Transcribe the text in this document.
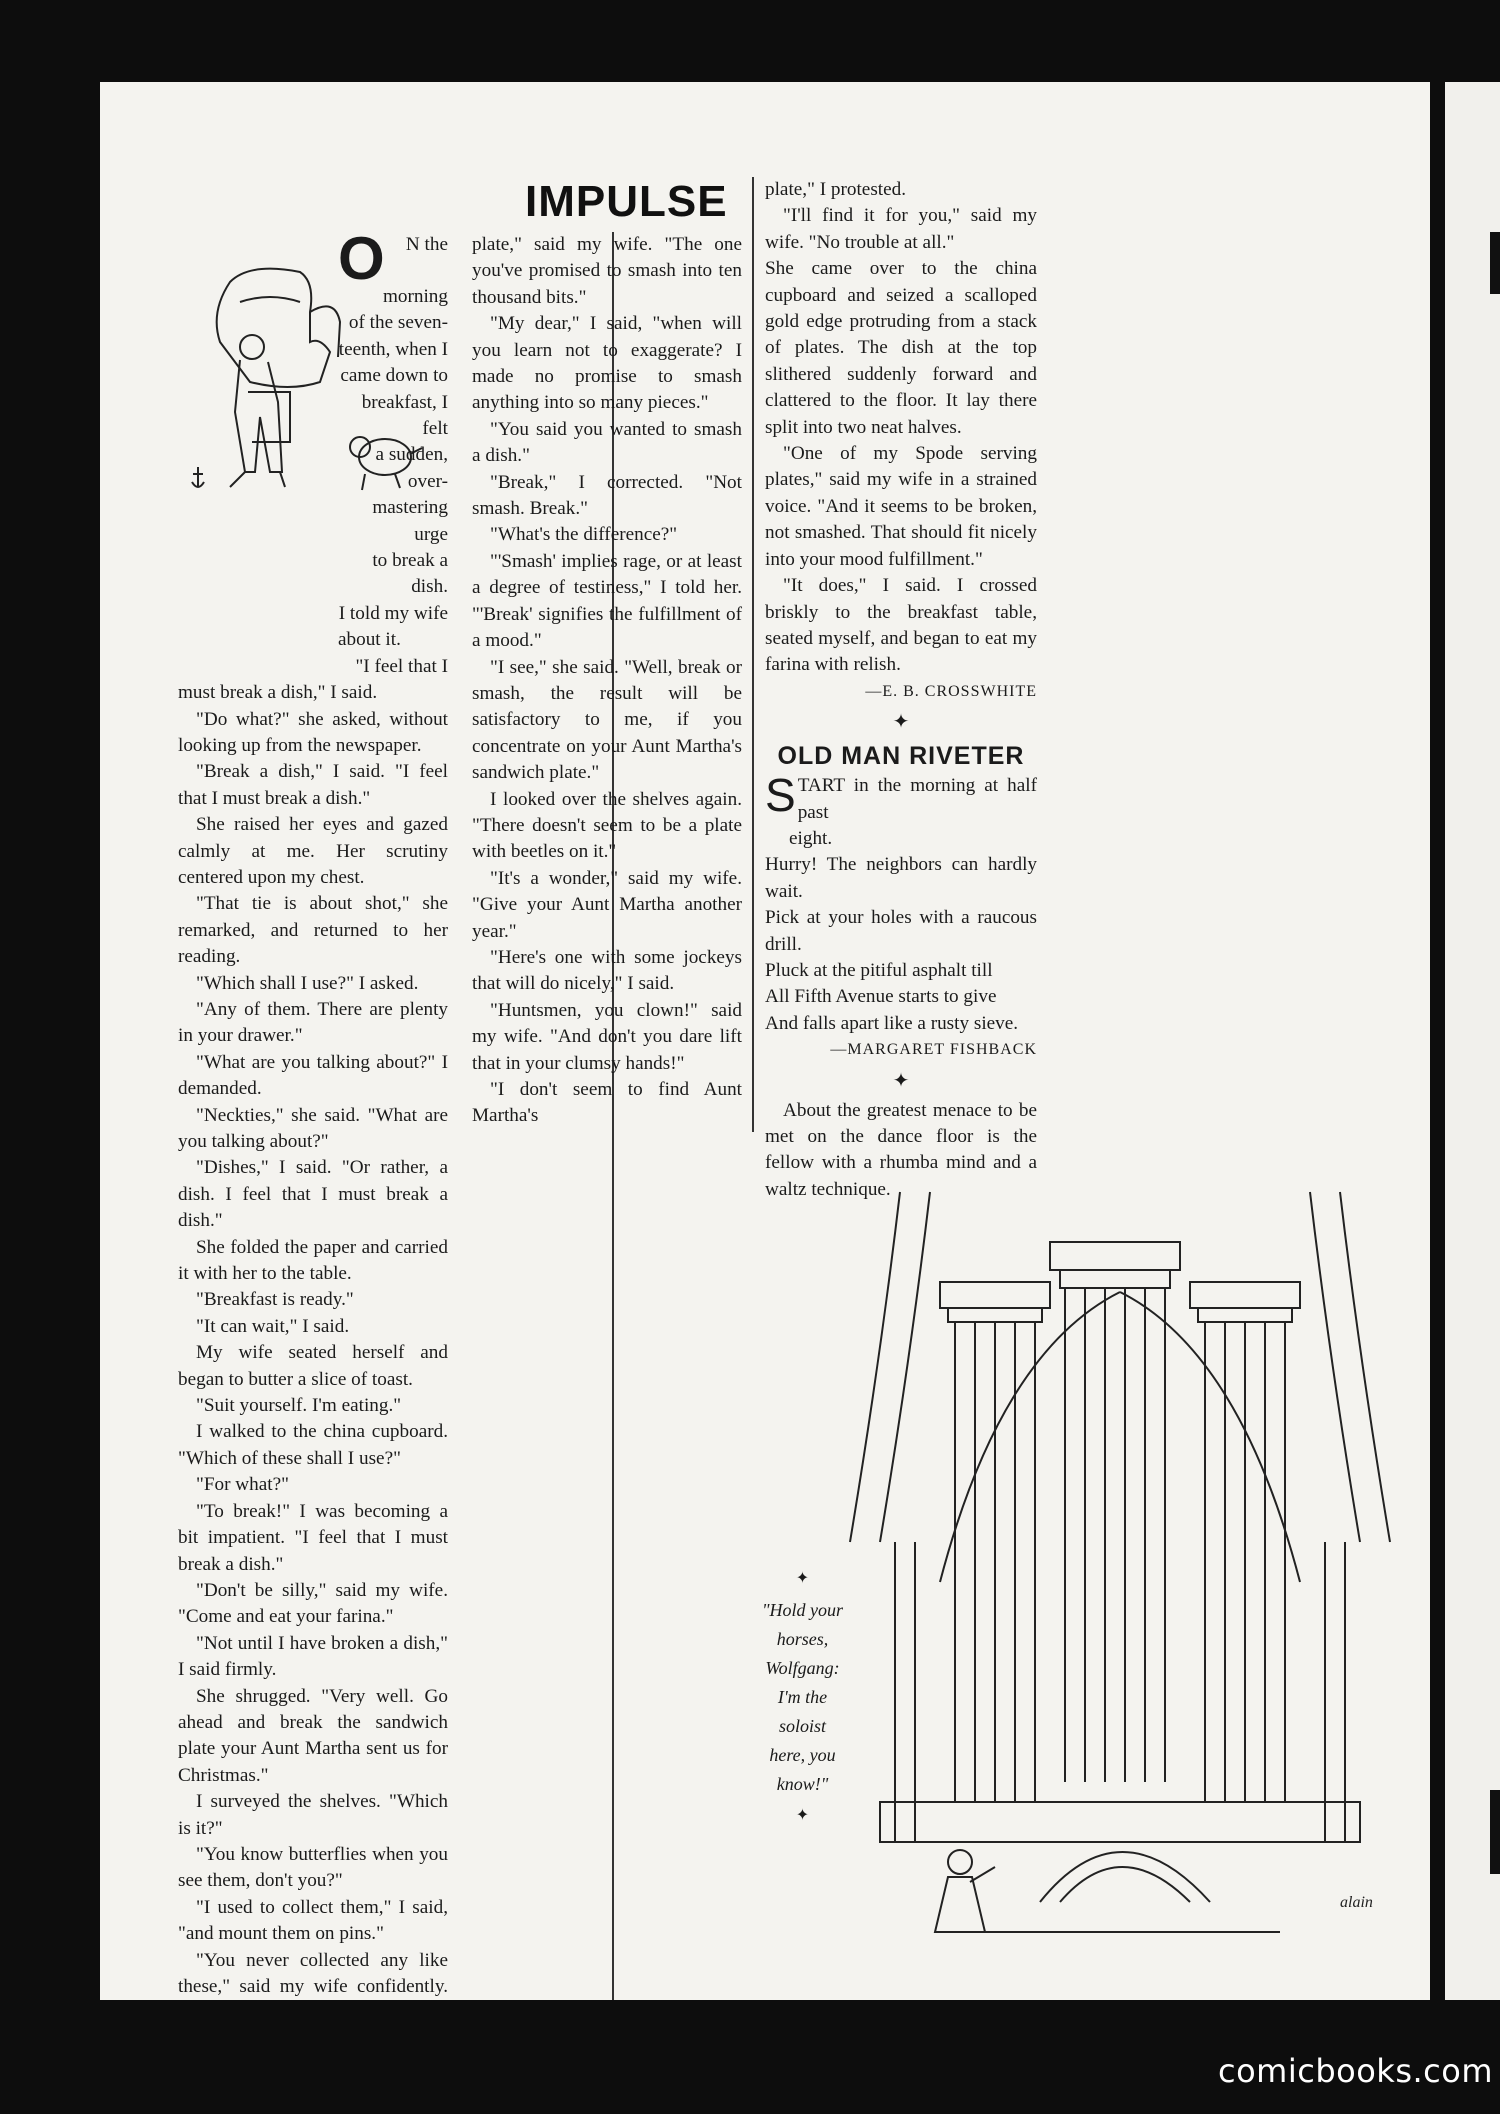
IMPULSE
O	N the
morning
of the seven-
teenth, when I
came down to
breakfast, I felt
a sudden, over-
mastering urge
to break a dish.
I told my wife
about it.
"I feel that I

must break a dish," I said.

"Do what?" she asked, without looking up from the newspaper.

"Break a dish," I said. "I feel that I must break a dish."

She raised her eyes and gazed calmly at me. Her scrutiny centered upon my chest.

"That tie is about shot," she remarked, and returned to her reading.

"Which shall I use?" I asked.

"Any of them. There are plenty in your drawer."

"What are you talking about?" I demanded.

"Neckties," she said. "What are you talking about?"

"Dishes," I said. "Or rather, a dish. I feel that I must break a dish."

She folded the paper and carried it with her to the table.

"Breakfast is ready."

"It can wait," I said.

My wife seated herself and began to butter a slice of toast.

"Suit yourself. I'm eating."

I walked to the china cupboard. "Which of these shall I use?"

"For what?"

"To break!" I was becoming a bit impatient. "I feel that I must break a dish."

"Don't be silly," said my wife. "Come and eat your farina."

"Not until I have broken a dish," I said firmly.

She shrugged. "Very well. Go ahead and break the sandwich plate your Aunt Martha sent us for Christmas."

I surveyed the shelves. "Which is it?"

"You know butterflies when you see them, don't you?"

"I used to collect them," I said, "and mount them on pins."

"You never collected any like these," said my wife confidently.

plate," said my wife. "The one you've promised to smash into ten thousand bits."

"My dear," I said, "when will you learn not to exaggerate? I made no promise to smash anything into so many pieces."

"You said you wanted to smash a dish."

"Break," I corrected. "Not smash. Break."

"What's the difference?"

"'Smash' implies rage, or at least a degree of testiness," I told her. "'Break' signifies the fulfillment of a mood."

"I see," she said. "Well, break or smash, the result will be satisfactory to me, if you concentrate on your Aunt Martha's sandwich plate."

I looked over the shelves again. "There doesn't seem to be a plate with beetles on it."

"It's a wonder," said my wife. "Give your Aunt Martha another year."

"Here's one with some jockeys that will do nicely," I said.

"Huntsmen, you clown!" said my wife. "And don't you dare lift that in your clumsy hands!"

"I don't seem to find Aunt Martha's

plate," I protested.

"I'll find it for you," said my wife. "No trouble at all."

She came over to the china cupboard and seized a scalloped gold edge protruding from a stack of plates. The dish at the top slithered suddenly forward and clattered to the floor. It lay there split into two neat halves.

"One of my Spode serving plates," said my wife in a strained voice. "And it seems to be broken, not smashed. That should fit nicely into your mood fulfillment."

"It does," I said. I crossed briskly to the breakfast table, seated myself, and began to eat my farina with relish.

—E. B. CROSSWHITE
✦
OLD MAN RIVETER
START in the morning at half past
eight.
Hurry! The neighbors can hardly wait.
Pick at your holes with a raucous drill.
Pluck at the pitiful asphalt till
All Fifth Avenue starts to give
And falls apart like a rusty sieve.
—MARGARET FISHBACK
✦

About the greatest menace to be met on the dance floor is the fellow with a rhumba mind and a waltz technique.

✦
"Hold your
horses,
Wolfgang:
I'm the
soloist
here, you
know!"
✦
alain
comicbooks.com
